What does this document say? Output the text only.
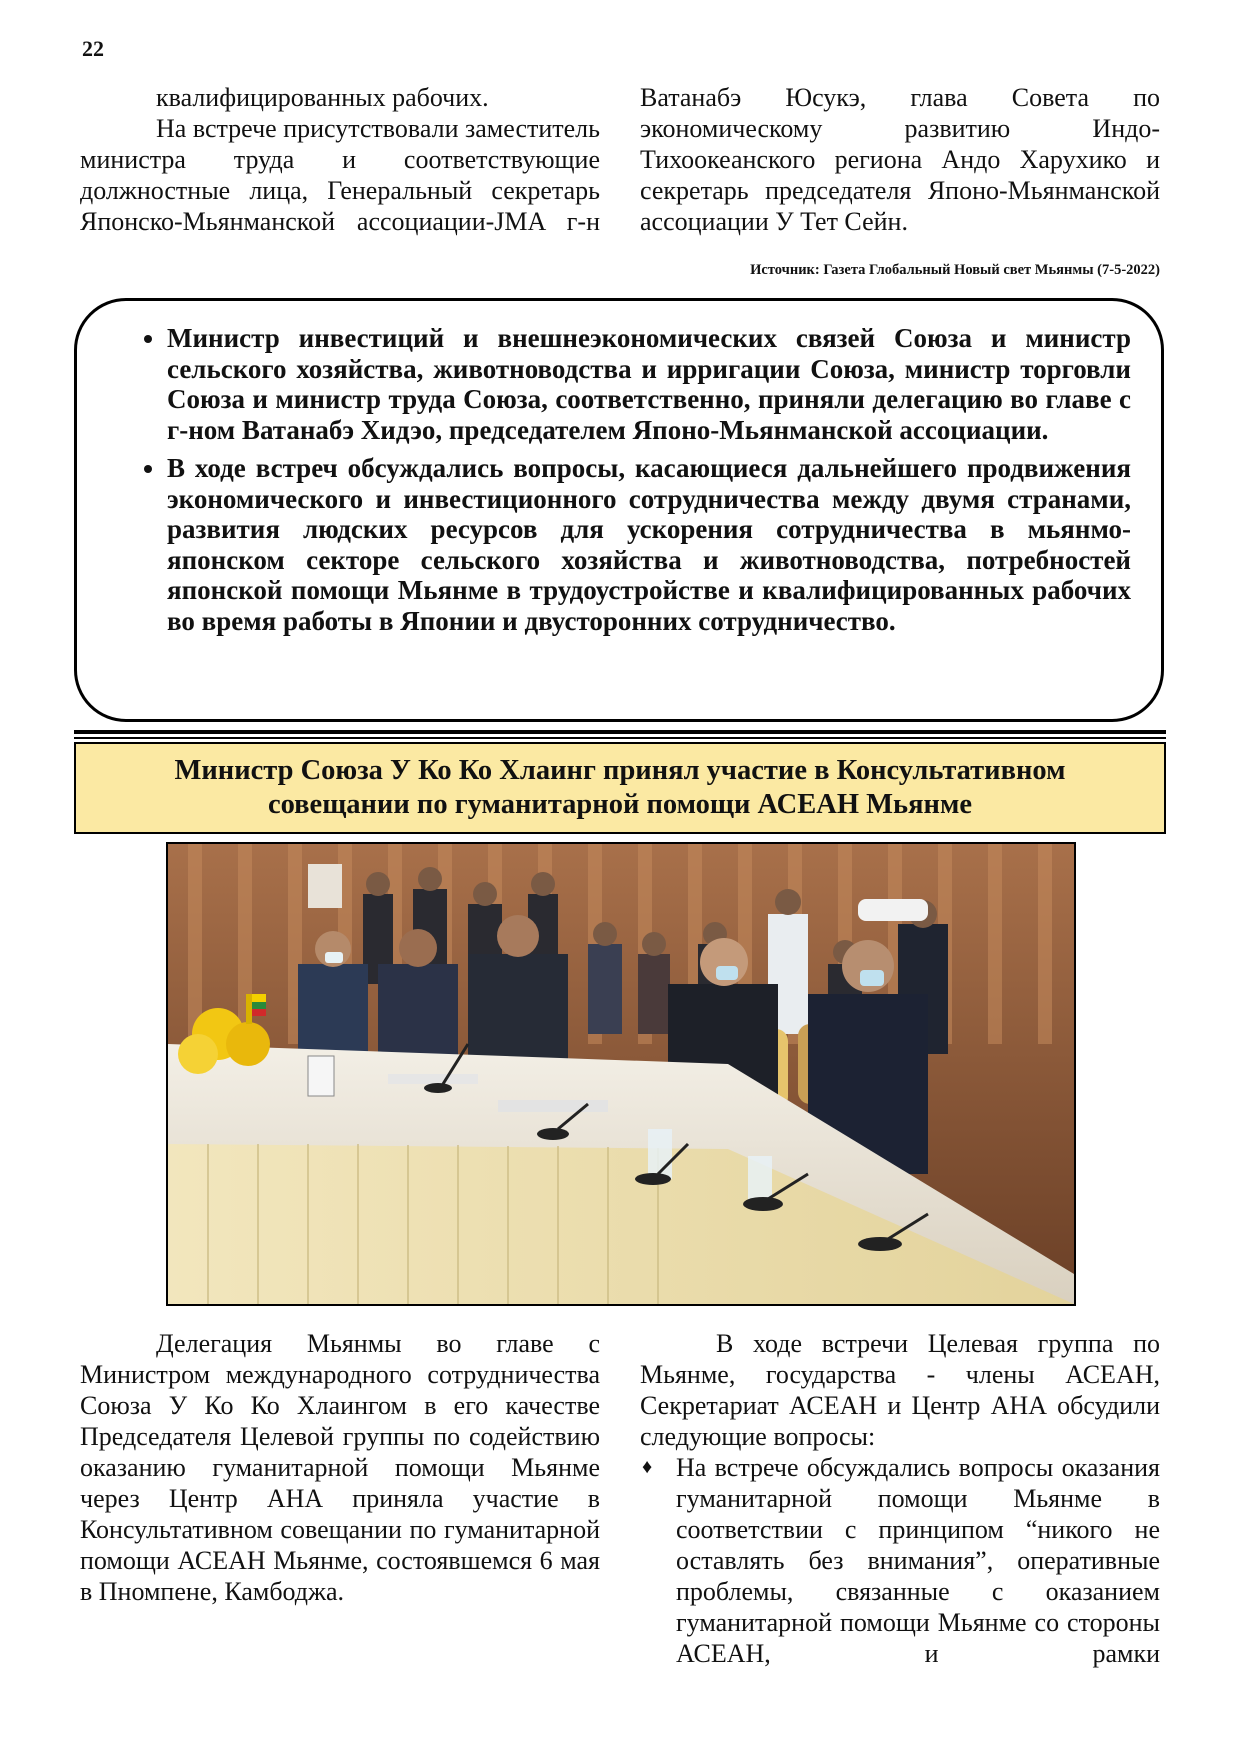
22

квалифицированных рабочих.

На встрече присутствовали заместитель министра труда и соответствующие должностные лица, Генеральный секретарь Японско-Мьянманской ассоциации-JMA г-н

Ватанабэ Юсукэ, глава Совета по экономическому развитию Индо-Тихоокеанского региона Андо Харухико и секретарь председателя Японо-Мьянманской ассоциации У Тет Сейн.

Источник: Газета Глобальный Новый свет Мьянмы (7-5-2022)
• Министр инвестиций и внешнеэкономических связей Союза и министр сельского хозяйства, животноводства и ирригации Союза, министр торговли Союза и министр труда Союза, соответственно, приняли делегацию во главе с г-ном Ватанабэ Хидэо, председателем Японо-Мьянманской ассоциации.
• В ходе встреч обсуждались вопросы, касающиеся дальнейшего продвижения экономического и инвестиционного сотрудничества между двумя странами, развития людских ресурсов для ускорения сотрудничества в мьянмо-японском секторе сельского хозяйства и животноводства, потребностей японской помощи Мьянме в трудоустройстве и квалифицированных рабочих во время работы в Японии и двусторонних сотрудничество.
Министр Союза У Ко Ко Хлаинг принял участие в Консультативном совещании по гуманитарной помощи АСЕАН Мьянме

Делегация Мьянмы во главе с Министром международного сотрудничества Союза У Ко Ко Хлаингом в его качестве Председателя Целевой группы по содействию оказанию гуманитарной помощи Мьянме через Центр АНА приняла участие в Консультативном совещании по гуманитарной помощи АСЕАН Мьянме, состоявшемся 6 мая в Пномпене, Камбоджа.

В ходе встречи Целевая группа по Мьянме, государства - члены АСЕАН, Секретариат АСЕАН и Центр АНА обсудили следующие вопросы:

♦ На встрече обсуждались вопросы оказания гуманитарной помощи Мьянме в соответствии с принципом “никого не оставлять без внимания”, оперативные проблемы, связанные с оказанием гуманитарной помощи Мьянме со стороны АСЕАН, и рамки
